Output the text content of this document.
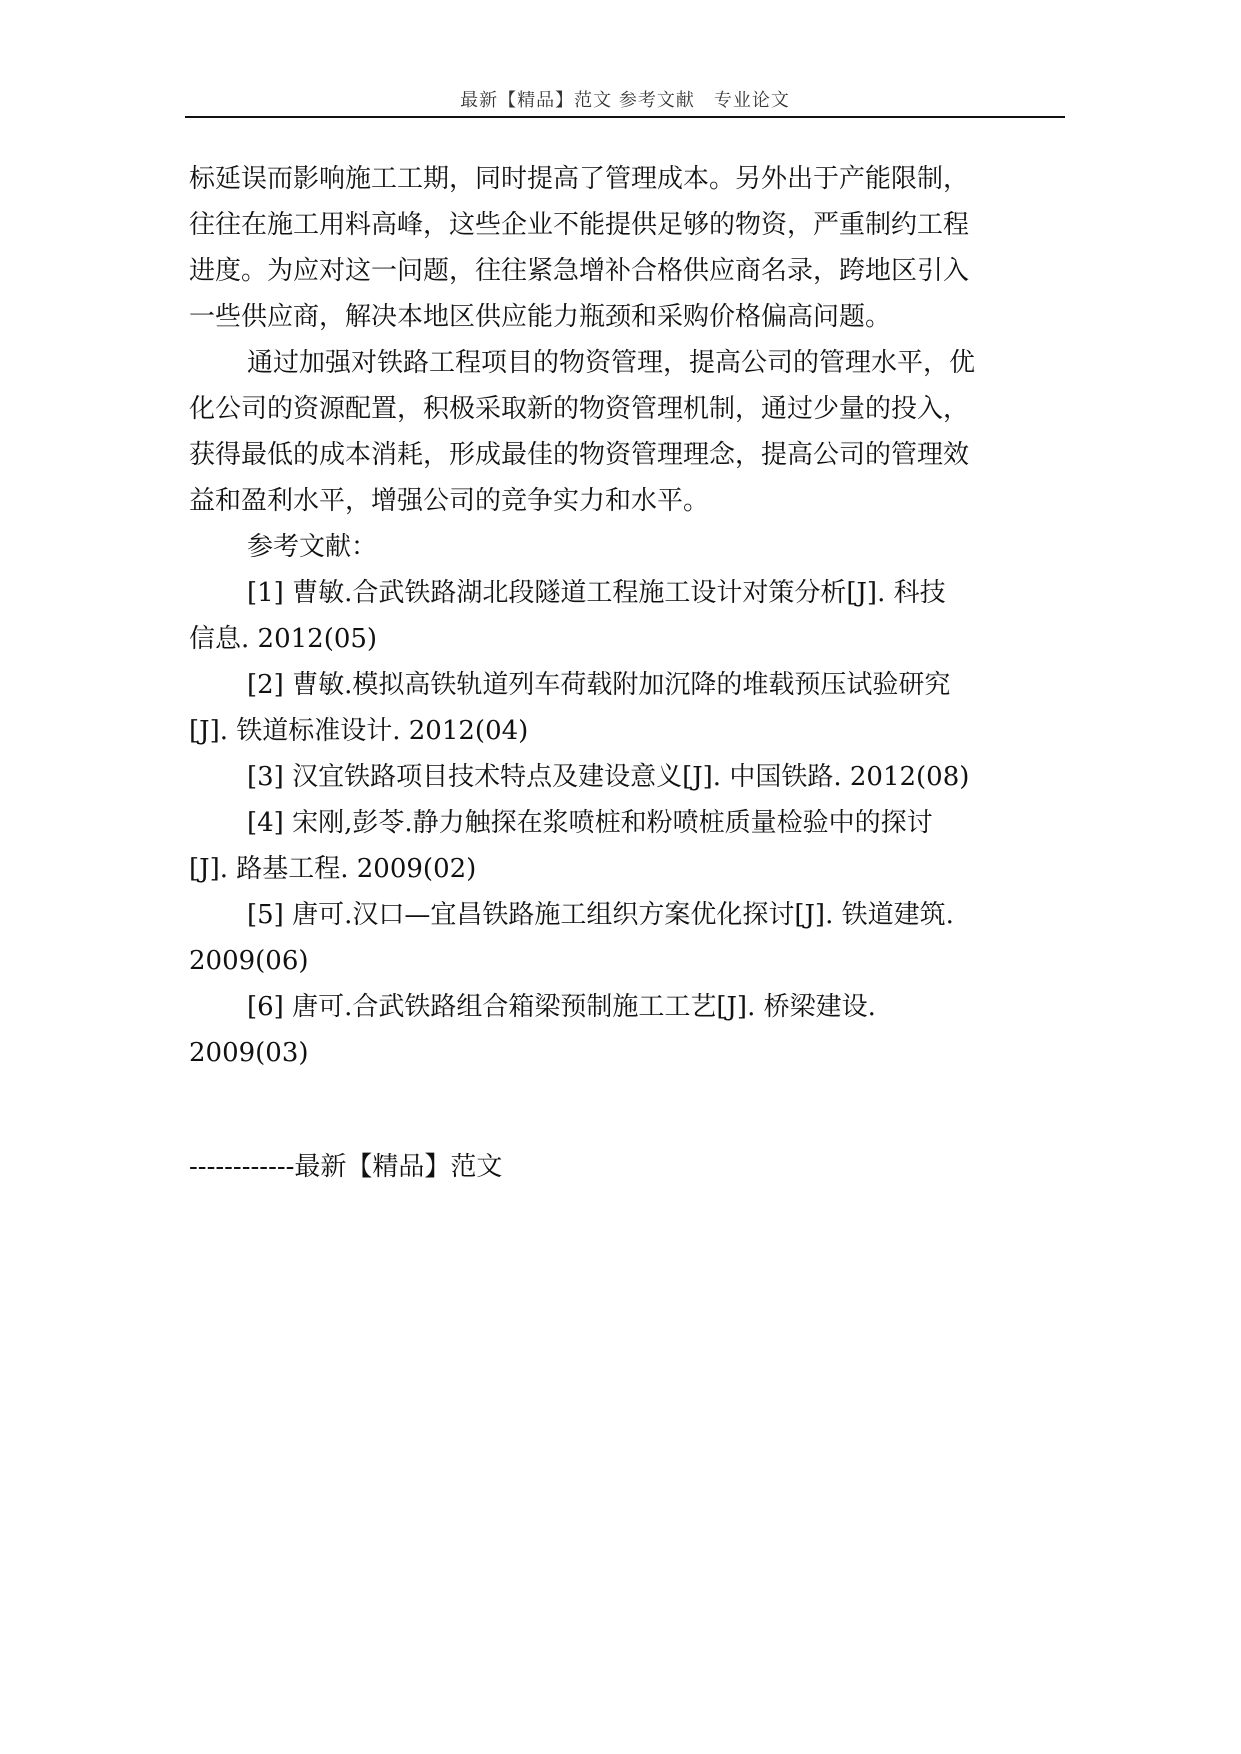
最新【精品】范文 参考文献　专业论文

标延误而影响施工工期，同时提高了管理成本。另外出于产能限制，
往往在施工用料高峰，这些企业不能提供足够的物资，严重制约工程
进度。为应对这一问题，往往紧急增补合格供应商名录，跨地区引入
一些供应商，解决本地区供应能力瓶颈和采购价格偏高问题。

通过加强对铁路工程项目的物资管理，提高公司的管理水平，优
化公司的资源配置，积极采取新的物资管理机制，通过少量的投入，
获得最低的成本消耗，形成最佳的物资管理理念，提高公司的管理效
益和盈利水平，增强公司的竞争实力和水平。

参考文献：

[1] 曹敏.合武铁路湖北段隧道工程施工设计对策分析[J]. 科技
信息. 2012(05)

[2] 曹敏.模拟高铁轨道列车荷载附加沉降的堆载预压试验研究
[J]. 铁道标准设计. 2012(04)

[3] 汉宜铁路项目技术特点及建设意义[J]. 中国铁路. 2012(08)

[4] 宋刚,彭苓.静力触探在浆喷桩和粉喷桩质量检验中的探讨
[J]. 路基工程. 2009(02)

[5] 唐可.汉口—宜昌铁路施工组织方案优化探讨[J]. 铁道建筑.
2009(06)

[6] 唐可.合武铁路组合箱梁预制施工工艺[J]. 桥梁建设.
2009(03)

------------最新【精品】范文
